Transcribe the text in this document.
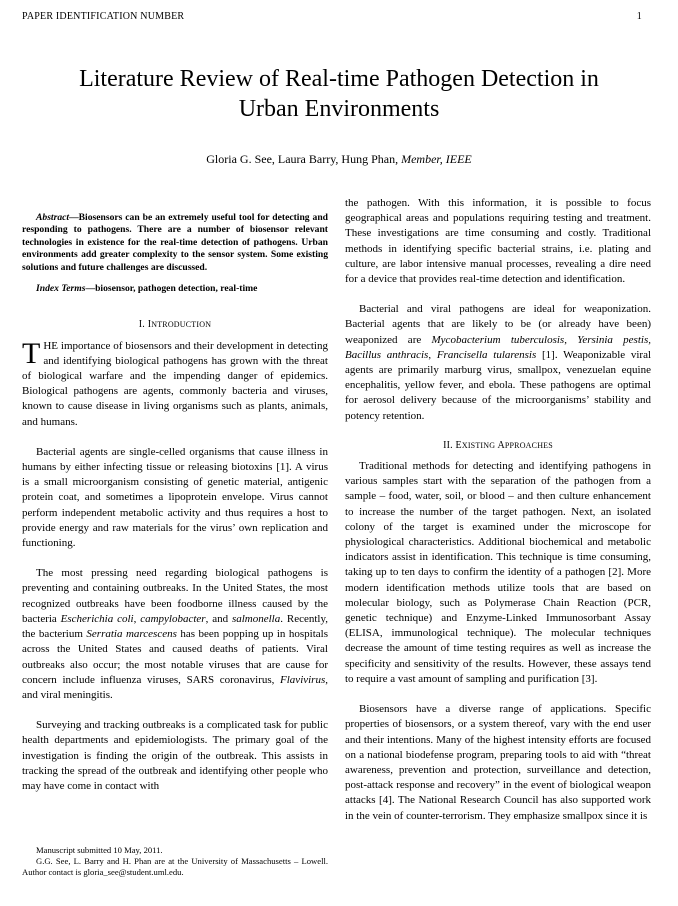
PAPER IDENTIFICATION NUMBER	1
Literature Review of Real-time Pathogen Detection in Urban Environments
Gloria G. See, Laura Barry, Hung Phan, Member, IEEE

Abstract—Biosensors can be an extremely useful tool for detecting and responding to pathogens. There are a number of biosensor relevant technologies in existence for the real-time detection of pathogens. Urban environments add greater complexity to the sensor system. Some existing solutions and future challenges are discussed.

Index Terms—biosensor, pathogen detection, real-time

I. INTRODUCTION

THE importance of biosensors and their development in detecting and identifying biological pathogens has grown with the threat of biological warfare and the impending danger of epidemics. Biological pathogens are agents, commonly bacteria and viruses, known to cause disease in living organisms such as plants, animals, and humans.

Bacterial agents are single-celled organisms that cause illness in humans by either infecting tissue or releasing biotoxins [1]. A virus is a small microorganism consisting of genetic material, antigenic protein coat, and sometimes a lipoprotein envelope. Virus cannot perform independent metabolic activity and thus requires a host to provide energy and raw materials for the virus’ own replication and functioning.

The most pressing need regarding biological pathogens is preventing and containing outbreaks. In the United States, the most recognized outbreaks have been foodborne illness caused by the bacteria Escherichia coli, campylobacter, and salmonella. Recently, the bacterium Serratia marcescens has been popping up in hospitals across the United States and caused deaths of patients. Viral outbreaks also occur; the most notable viruses that are cause for concern include influenza viruses, SARS coronavirus, Flavivirus, and viral meningitis.

Surveying and tracking outbreaks is a complicated task for public health departments and epidemiologists. The primary goal of the investigation is finding the origin of the outbreak. This assists in tracking the spread of the outbreak and identifying other people who may have come in contact with

Manuscript submitted 10 May, 2011.

G.G. See, L. Barry and H. Phan are at the University of Massachusetts – Lowell. Author contact is gloria_see@student.uml.edu.

the pathogen. With this information, it is possible to focus geographical areas and populations requiring testing and treatment. These investigations are time consuming and costly. Traditional methods in identifying specific bacterial strains, i.e. plating and culture, are labor intensive manual processes, revealing a dire need for a device that provides real-time detection and identification.

Bacterial and viral pathogens are ideal for weaponization. Bacterial agents that are likely to be (or already have been) weaponized are Mycobacterium tuberculosis, Yersinia pestis, Bacillus anthracis, Francisella tularensis [1]. Weaponizable viral agents are primarily marburg virus, smallpox, venezuelan equine encephalitis, yellow fever, and ebola. These pathogens are optimal for aerosol delivery because of the microorganisms’ stability and potency retention.

II. EXISTING APPROACHES

Traditional methods for detecting and identifying pathogens in various samples start with the separation of the pathogen from a sample – food, water, soil, or blood – and then culture enhancement to increase the number of the target pathogen. Next, an isolated colony of the target is examined under the microscope for physiological characteristics. Additional biochemical and metabolic indicators assist in identification. This technique is time consuming, taking up to ten days to confirm the identity of a pathogen [2]. More modern identification methods utilize tools that are based on molecular biology, such as Polymerase Chain Reaction (PCR, genetic technique) and Enzyme-Linked Immunosorbant Assay (ELISA, immunological technique). The molecular techniques decrease the amount of time testing requires as well as increase the specificity and sensitivity of the results. However, these assays tend to require a vast amount of sampling and purification [3].

Biosensors have a diverse range of applications. Specific properties of biosensors, or a system thereof, vary with the end user and their intentions. Many of the highest intensity efforts are focused on a national biodefense program, preparing tools to aid with “threat awareness, prevention and protection, surveillance and detection, post-attack response and recovery” in the event of biological weapon attacks [4]. The National Research Council has also supported work in the vein of counter-terrorism. They emphasize smallpox since it is
